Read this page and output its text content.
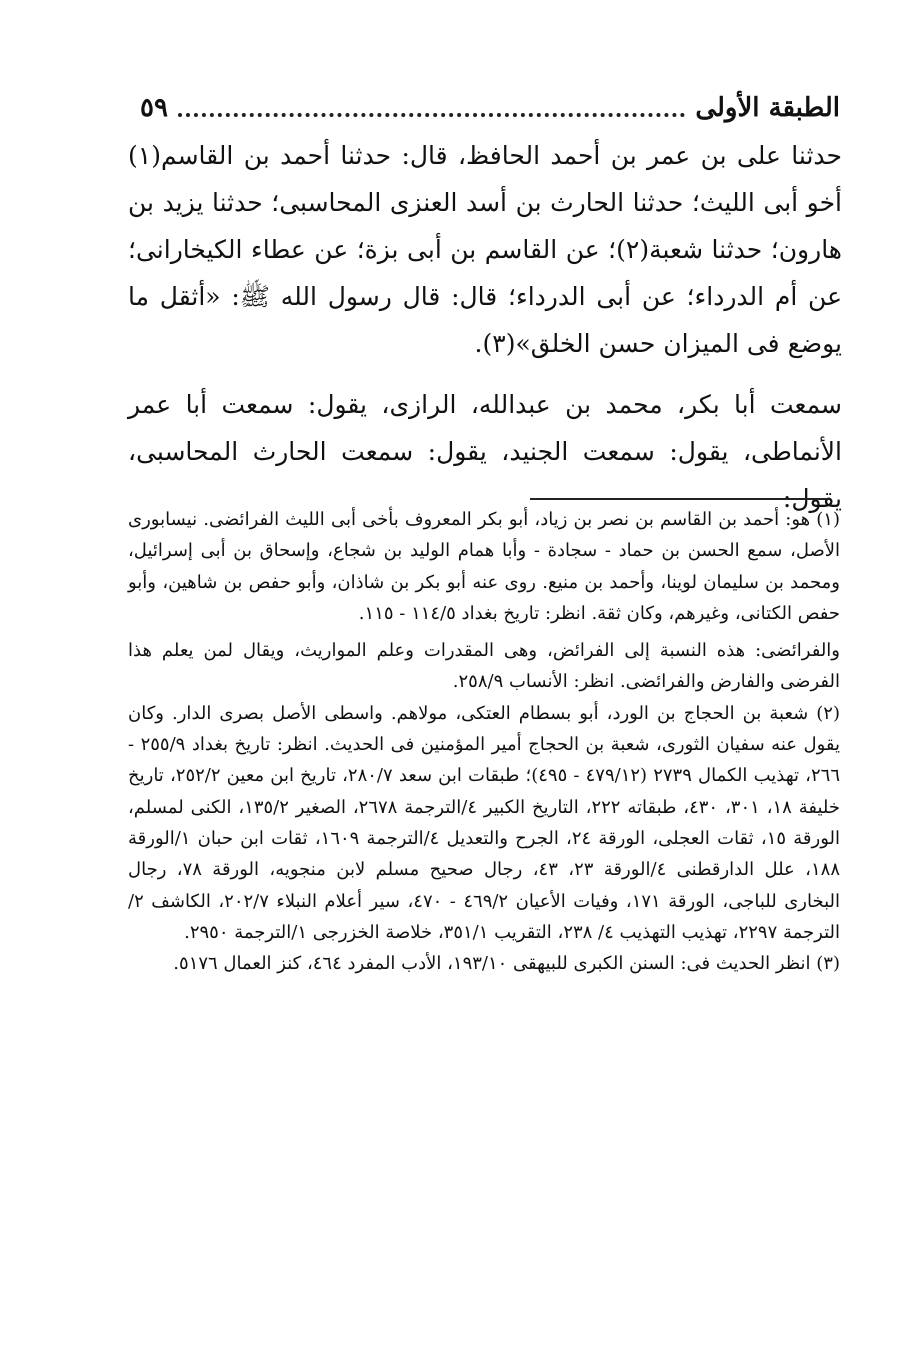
الطبقة الأولى
٥٩

حدثنا على بن عمر بن أحمد الحافظ، قال: حدثنا أحمد بن القاسم(١) أخو أبى الليث؛ حدثنا الحارث بن أسد العنزى المحاسبى؛ حدثنا يزيد بن هارون؛ حدثنا شعبة(٢)؛ عن القاسم بن أبى بزة؛ عن عطاء الكيخارانى؛ عن أم الدرداء؛ عن أبى الدرداء؛ قال: قال رسول الله ﷺ: «أثقل ما يوضع فى الميزان حسن الخلق»(٣).

سمعت أبا بكر، محمد بن عبدالله، الرازى، يقول: سمعت أبا عمر الأنماطى، يقول: سمعت الجنيد، يقول: سمعت الحارث المحاسبى، يقول:

(١) هو: أحمد بن القاسم بن نصر بن زياد، أبو بكر المعروف بأخى أبى الليث الفرائضى. نيسابورى الأصل، سمع الحسن بن حماد - سجادة - وأبا همام الوليد بن شجاع، وإسحاق بن أبى إسرائيل، ومحمد بن سليمان لوينا، وأحمد بن منيع. روى عنه أبو بكر بن شاذان، وأبو حفص بن شاهين، وأبو حفص الكتانى، وغيرهم، وكان ثقة. انظر: تاريخ بغداد ١١٤/٥ - ١١٥.

والفرائضى: هذه النسبة إلى الفرائض، وهى المقدرات وعلم المواريث، ويقال لمن يعلم هذا الفرضى والفارض والفرائضى. انظر: الأنساب ٢٥٨/٩.

(٢) شعبة بن الحجاج بن الورد، أبو بسطام العتكى، مولاهم. واسطى الأصل بصرى الدار. وكان يقول عنه سفيان الثورى، شعبة بن الحجاج أمير المؤمنين فى الحديث. انظر: تاريخ بغداد ٢٥٥/٩ - ٢٦٦، تهذيب الكمال ٢٧٣٩ (٤٧٩/١٢ - ٤٩٥)؛ طبقات ابن سعد ٢٨٠/٧، تاريخ ابن معين ٢٥٢/٢، تاريخ خليفة ١٨، ٣٠١، ٤٣٠، طبقاته ٢٢٢، التاريخ الكبير ٤/الترجمة ٢٦٧٨، الصغير ١٣٥/٢، الكنى لمسلم، الورقة ١٥، ثقات العجلى، الورقة ٢٤، الجرح والتعديل ٤/الترجمة ١٦٠٩، ثقات ابن حبان ١/الورقة ١٨٨، علل الدارقطنى ٤/الورقة ٢٣، ٤٣، رجال صحيح مسلم لابن منجويه، الورقة ٧٨، رجال البخارى للباجى، الورقة ١٧١، وفيات الأعيان ٤٦٩/٢ - ٤٧٠، سير أعلام النبلاء ٢٠٢/٧، الكاشف ٢/ الترجمة ٢٢٩٧، تهذيب التهذيب ٤/ ٢٣٨، التقريب ٣٥١/١، خلاصة الخزرجى ١/الترجمة ٢٩٥٠.

(٣) انظر الحديث فى: السنن الكبرى للبيهقى ١٩٣/١٠، الأدب المفرد ٤٦٤، كنز العمال ٥١٧٦.
